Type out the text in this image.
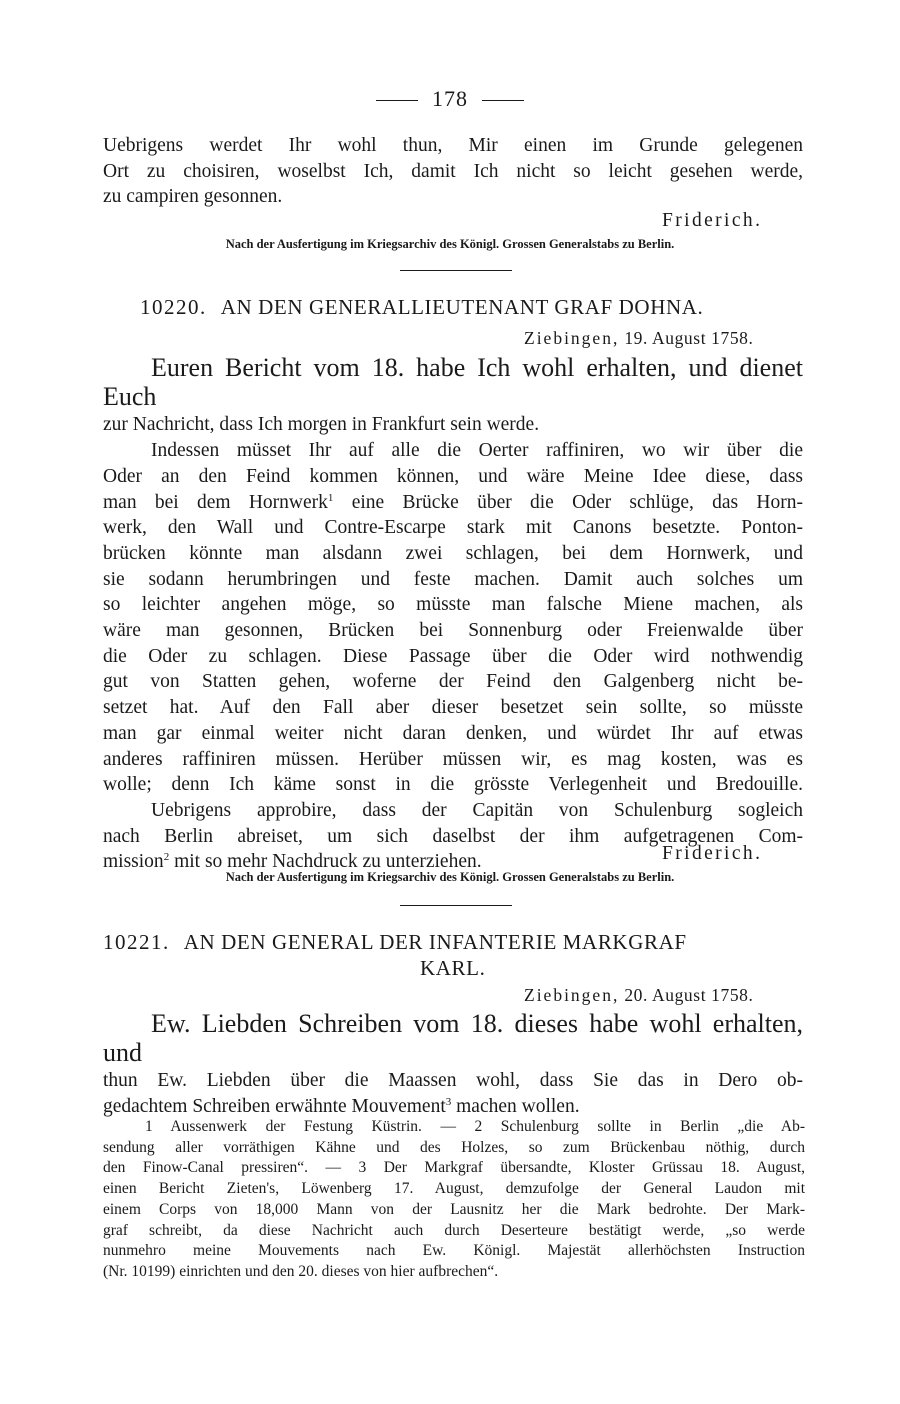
178
Uebrigens werdet Ihr wohl thun, Mir einen im Grunde gelegenen
Ort zu choisiren, woselbst Ich, damit Ich nicht so leicht gesehen werde,
zu campiren gesonnen.
Friderich.
Nach der Ausfertigung im Kriegsarchiv des Königl. Grossen Generalstabs zu Berlin.
10220. AN DEN GENERALLIEUTENANT GRAF DOHNA.
Ziebingen, 19. August 1758.
Euren Bericht vom 18. habe Ich wohl erhalten, und dienet Euch
zur Nachricht, dass Ich morgen in Frankfurt sein werde.
Indessen müsset Ihr auf alle die Oerter raffiniren, wo wir über die
Oder an den Feind kommen können, und wäre Meine Idee diese, dass
man bei dem Hornwerk$^1$ eine Brücke über die Oder schlüge, das Horn-
werk, den Wall und Contre-Escarpe stark mit Canons besetzte. Ponton-
brücken könnte man alsdann zwei schlagen, bei dem Hornwerk, und
sie sodann herumbringen und feste machen. Damit auch solches um
so leichter angehen möge, so müsste man falsche Miene machen, als
wäre man gesonnen, Brücken bei Sonnenburg oder Freienwalde über
die Oder zu schlagen. Diese Passage über die Oder wird nothwendig
gut von Statten gehen, woferne der Feind den Galgenberg nicht be-
setzet hat. Auf den Fall aber dieser besetzet sein sollte, so müsste
man gar einmal weiter nicht daran denken, und würdet Ihr auf etwas
anderes raffiniren müssen. Herüber müssen wir, es mag kosten, was es
wolle; denn Ich käme sonst in die grösste Verlegenheit und Bredouille.
Uebrigens approbire, dass der Capitän von Schulenburg sogleich
nach Berlin abreiset, um sich daselbst der ihm aufgetragenen Com-
mission$^2$ mit so mehr Nachdruck zu unterziehen.	Friderich.
Nach der Ausfertigung im Kriegsarchiv des Königl. Grossen Generalstabs zu Berlin.
10221. AN DEN GENERAL DER INFANTERIE MARKGRAF
KARL.
Ziebingen, 20. August 1758.
Ew. Liebden Schreiben vom 18. dieses habe wohl erhalten, und
thun Ew. Liebden über die Maassen wohl, dass Sie das in Dero ob-
gedachtem Schreiben erwähnte Mouvement$^3$ machen wollen.
1 Aussenwerk der Festung Küstrin. — 2 Schulenburg sollte in Berlin „die Ab-
sendung aller vorräthigen Kähne und des Holzes, so zum Brückenbau nöthig, durch
den Finow-Canal pressiren“. — 3 Der Markgraf übersandte, Kloster Grüssau 18. August,
einen Bericht Zieten's, Löwenberg 17. August, demzufolge der General Laudon mit
einem Corps von 18,000 Mann von der Lausnitz her die Mark bedrohte. Der Mark-
graf schreibt, da diese Nachricht auch durch Deserteure bestätigt werde, „so werde
nunmehro meine Mouvements nach Ew. Königl. Majestät allerhöchsten Instruction
(Nr. 10199) einrichten und den 20. dieses von hier aufbrechen“.
